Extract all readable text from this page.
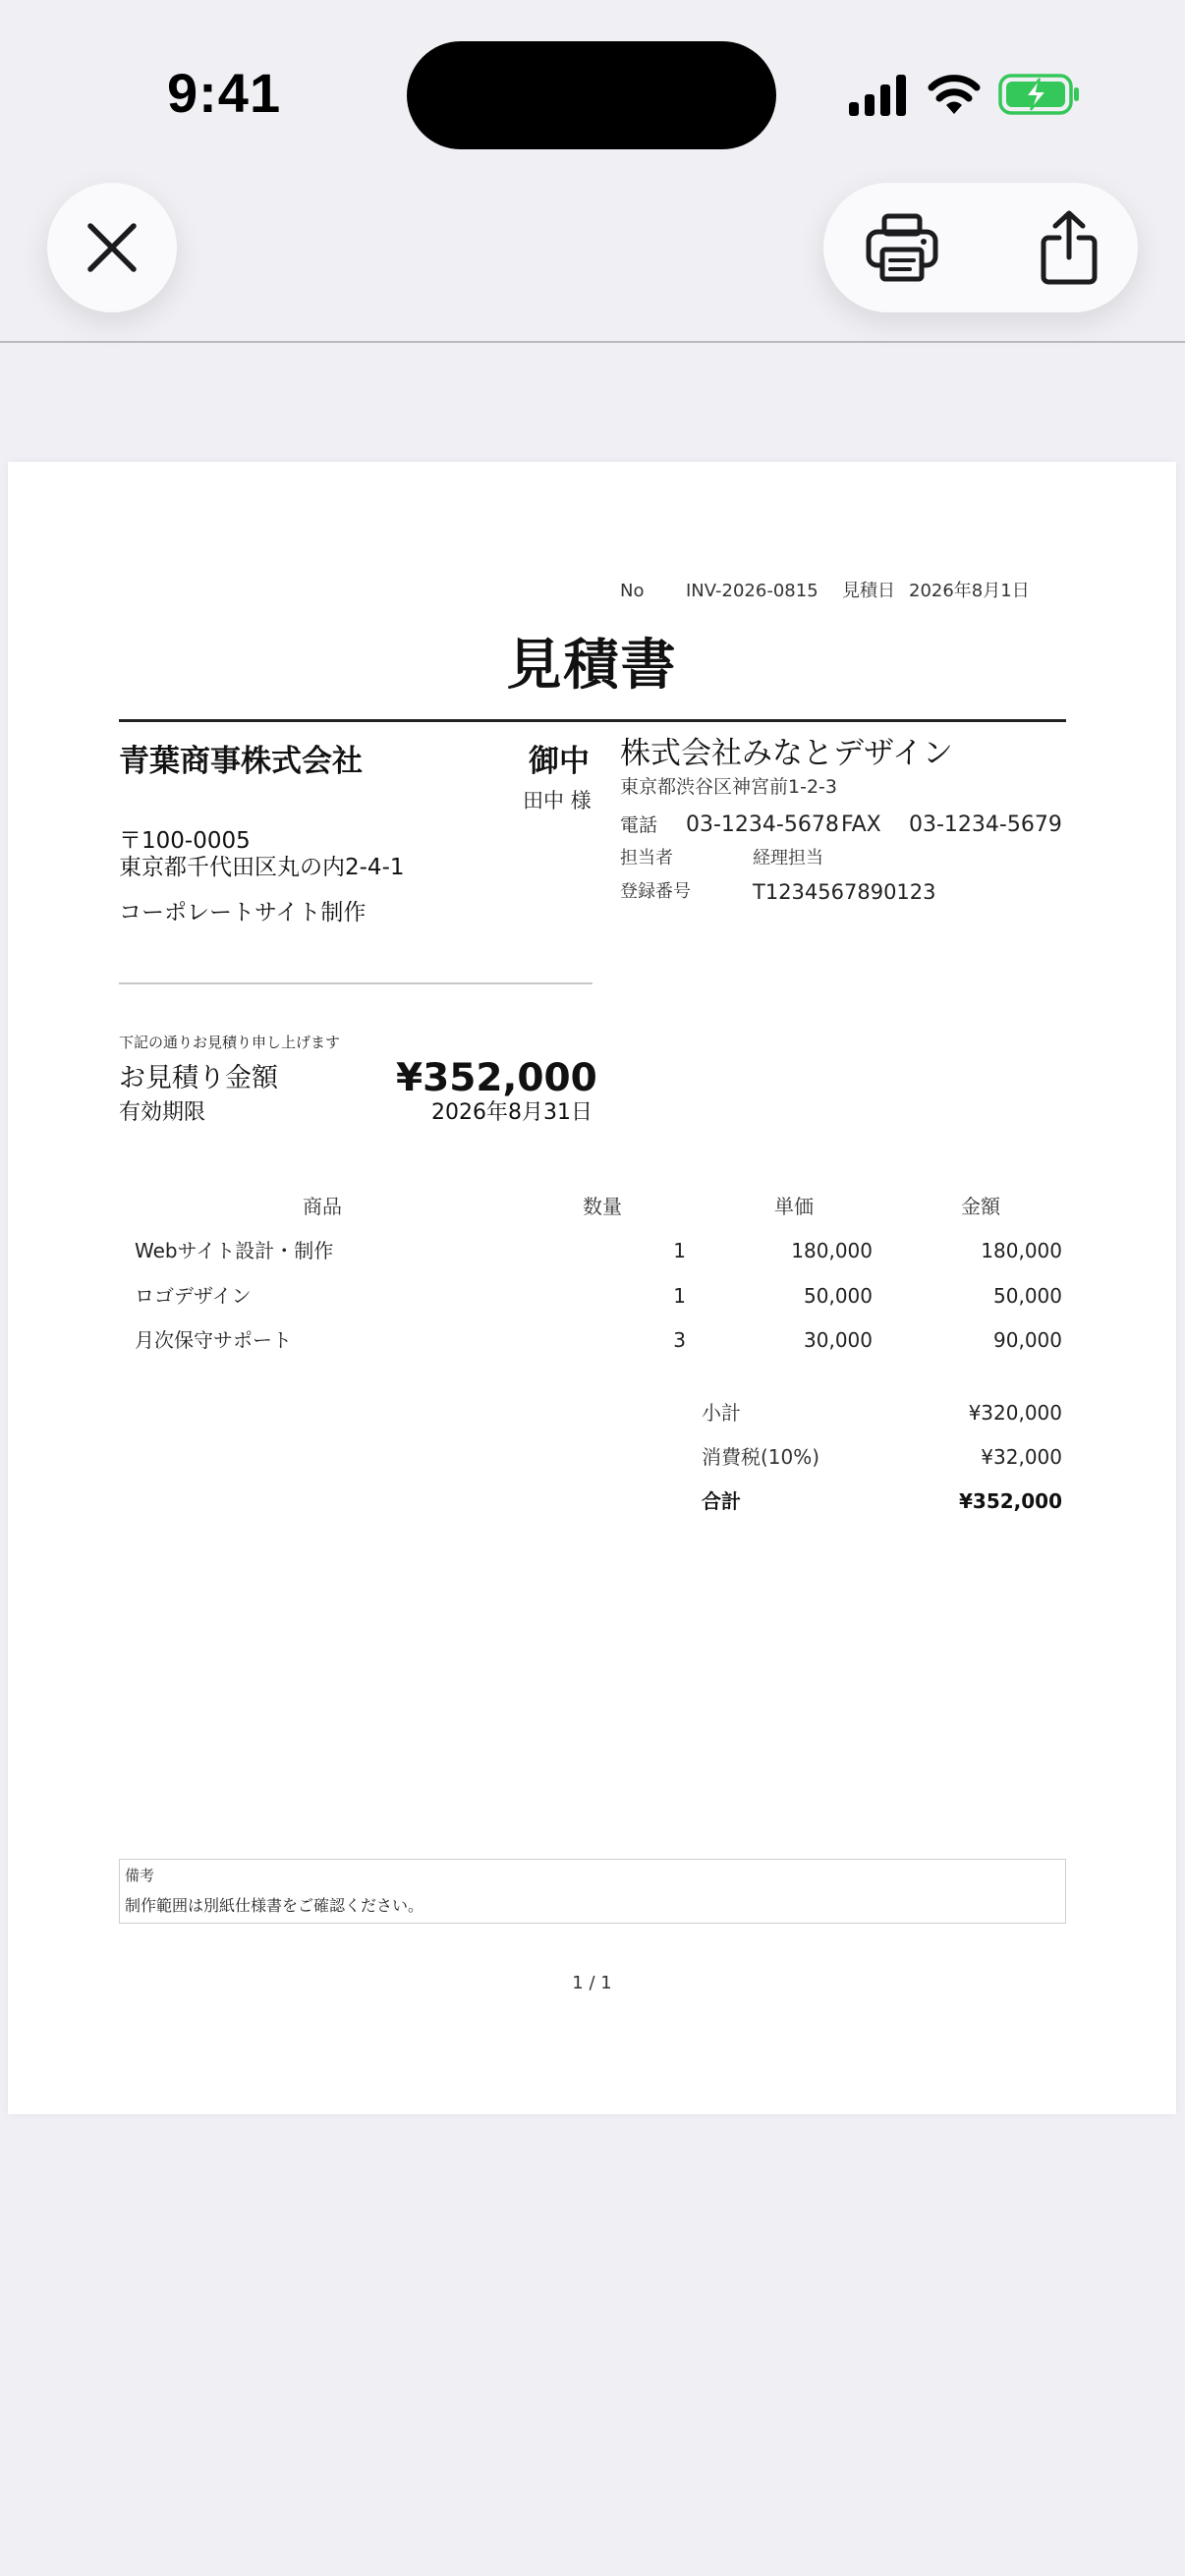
9:41
No INV-2026-0815 見積日 2026年8月1日
見積書
青葉商事株式会社	御中
田中 様
〒100-0005
東京都千代田区丸の内2-4-1
コーポレートサイト制作
株式会社みなとデザイン
東京都渋谷区神宮前1-2-3
電話 03-1234-5678 FAX 03-1234-5679
担当者	経理担当
登録番号	T1234567890123
下記の通りお見積り申し上げます
お見積り金額	¥352,000
有効期限	2026年8月31日
商品	数量	単価	金額
Webサイト設計・制作	1	180,000	180,000
ロゴデザイン	1	50,000	50,000
月次保守サポート	3	30,000	90,000
小計	¥320,000
消費税(10%)	¥32,000
合計	¥352,000
備考
制作範囲は別紙仕様書をご確認ください。
1 / 1
